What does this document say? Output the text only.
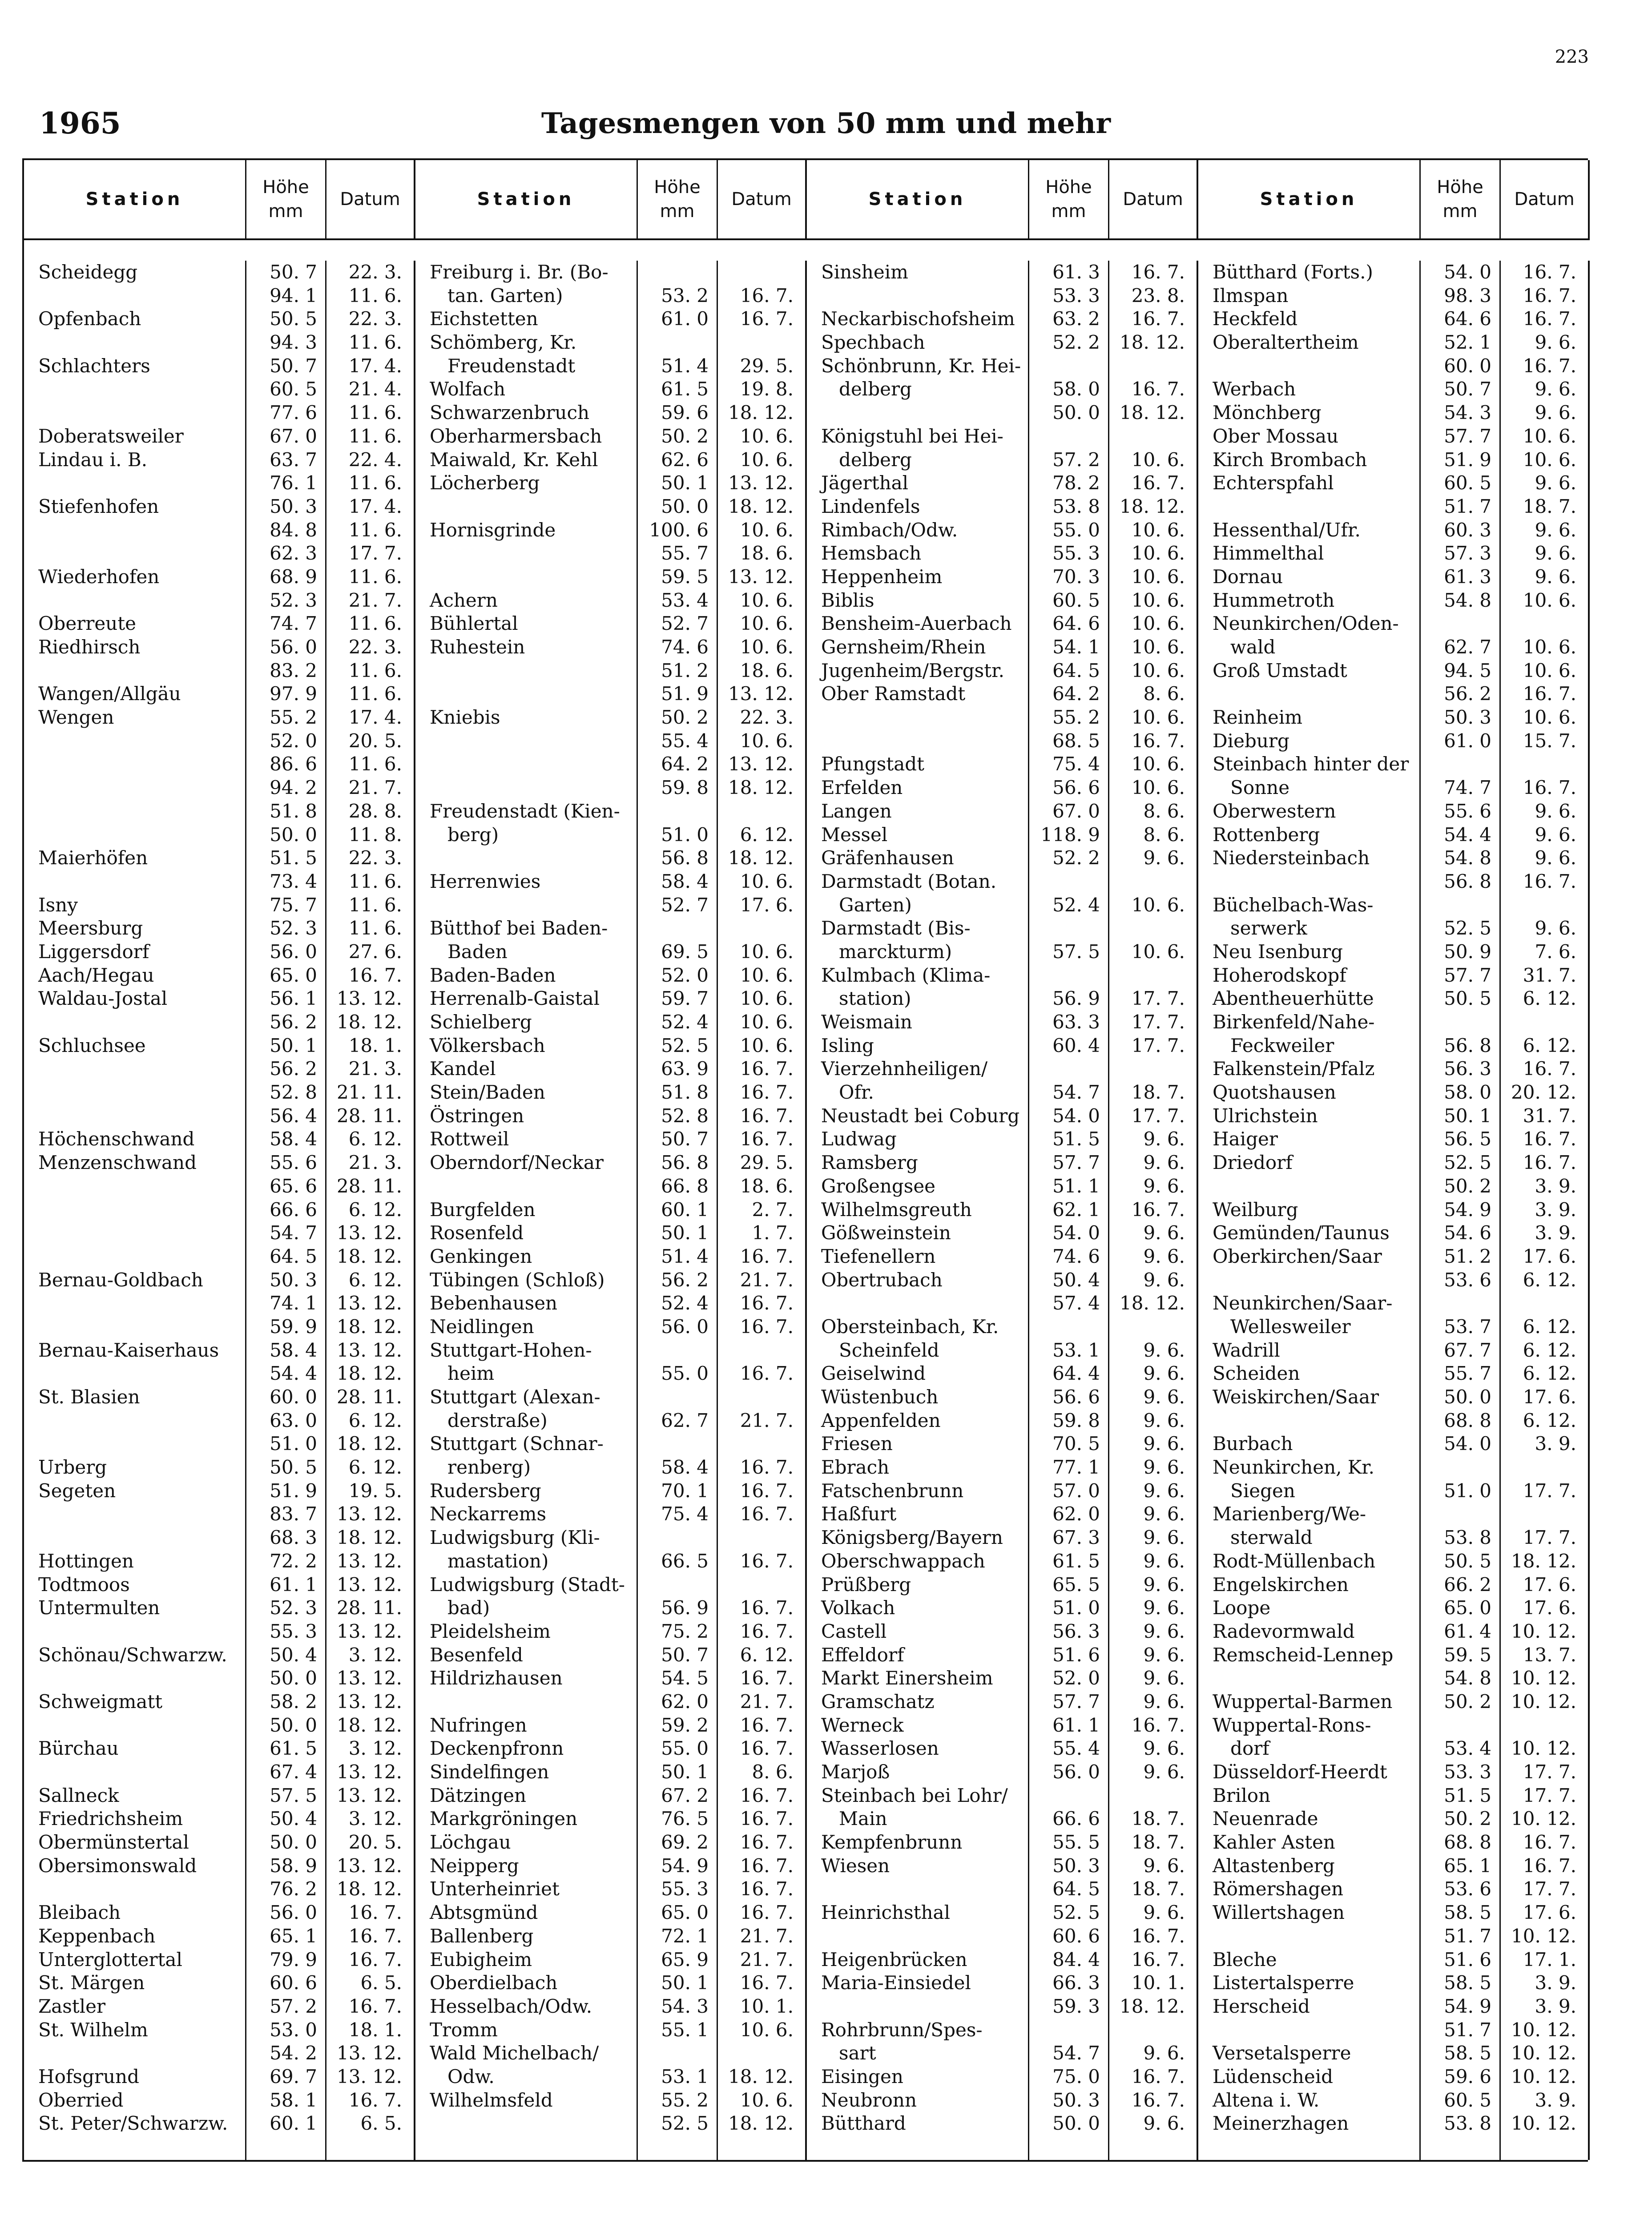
223
1965	Tagesmengen von 50 mm und mehr
Station
Höhe
mm
Datum
Scheidegg
Opfenbach
Schlachters
Doberatsweiler
Lindau i. B.
Stiefenhofen
Wiederhofen
Oberreute
Riedhirsch
Wangen/Allgäu
Wengen
Maierhöfen
Isny
Meersburg
Liggersdorf
Aach/Hegau
Waldau-Jostal
Schluchsee
Höchenschwand
Menzenschwand
Bernau-Goldbach
Bernau-Kaiserhaus
St. Blasien
Urberg
Segeten
Hottingen
Todtmoos
Untermulten
Schönau/Schwarzw.
Schweigmatt
Bürchau
Sallneck
Friedrichsheim
Obermünstertal
Obersimonswald
Bleibach
Keppenbach
Unterglottertal
St. Märgen
Zastler
St. Wilhelm
Hofsgrund
Oberried
St. Peter/Schwarzw.
50. 7
94. 1
50. 5
94. 3
50. 7
60. 5
77. 6
67. 0
63. 7
76. 1
50. 3
84. 8
62. 3
68. 9
52. 3
74. 7
56. 0
83. 2
97. 9
55. 2
52. 0
86. 6
94. 2
51. 8
50. 0
51. 5
73. 4
75. 7
52. 3
56. 0
65. 0
56. 1
56. 2
50. 1
56. 2
52. 8
56. 4
58. 4
55. 6
65. 6
66. 6
54. 7
64. 5
50. 3
74. 1
59. 9
58. 4
54. 4
60. 0
63. 0
51. 0
50. 5
51. 9
83. 7
68. 3
72. 2
61. 1
52. 3
55. 3
50. 4
50. 0
58. 2
50. 0
61. 5
67. 4
57. 5
50. 4
50. 0
58. 9
76. 2
56. 0
65. 1
79. 9
60. 6
57. 2
53. 0
54. 2
69. 7
58. 1
60. 1
22. 3.
11. 6.
22. 3.
11. 6.
17. 4.
21. 4.
11. 6.
11. 6.
22. 4.
11. 6.
17. 4.
11. 6.
17. 7.
11. 6.
21. 7.
11. 6.
22. 3.
11. 6.
11. 6.
17. 4.
20. 5.
11. 6.
21. 7.
28. 8.
11. 8.
22. 3.
11. 6.
11. 6.
11. 6.
27. 6.
16. 7.
13. 12.
18. 12.
18. 1.
21. 3.
21. 11.
28. 11.
6. 12.
21. 3.
28. 11.
6. 12.
13. 12.
18. 12.
6. 12.
13. 12.
18. 12.
13. 12.
18. 12.
28. 11.
6. 12.
18. 12.
6. 12.
19. 5.
13. 12.
18. 12.
13. 12.
13. 12.
28. 11.
13. 12.
3. 12.
13. 12.
13. 12.
18. 12.
3. 12.
13. 12.
13. 12.
3. 12.
20. 5.
13. 12.
18. 12.
16. 7.
16. 7.
16. 7.
6. 5.
16. 7.
18. 1.
13. 12.
13. 12.
16. 7.
6. 5.
Station
Höhe
mm
Datum
Freiburg i. Br. (Bo-
tan. Garten)
Eichstetten
Schömberg, Kr.
Freudenstadt
Wolfach
Schwarzenbruch
Oberharmersbach
Maiwald, Kr. Kehl
Löcherberg
Hornisgrinde
Achern
Bühlertal
Ruhestein
Kniebis
Freudenstadt (Kien-
berg)
Herrenwies
Bütthof bei Baden-
Baden
Baden-Baden
Herrenalb-Gaistal
Schielberg
Völkersbach
Kandel
Stein/Baden
Östringen
Rottweil
Oberndorf/Neckar
Burgfelden
Rosenfeld
Genkingen
Tübingen (Schloß)
Bebenhausen
Neidlingen
Stuttgart-Hohen-
heim
Stuttgart (Alexan-
derstraße)
Stuttgart (Schnar-
renberg)
Rudersberg
Neckarrems
Ludwigsburg (Kli-
mastation)
Ludwigsburg (Stadt-
bad)
Pleidelsheim
Besenfeld
Hildrizhausen
Nufringen
Deckenpfronn
Sindelfingen
Dätzingen
Markgröningen
Löchgau
Neipperg
Unterheinriet
Abtsgmünd
Ballenberg
Eubigheim
Oberdielbach
Hesselbach/Odw.
Tromm
Wald Michelbach/
Odw.
Wilhelmsfeld
53. 2
61. 0
51. 4
61. 5
59. 6
50. 2
62. 6
50. 1
50. 0
100. 6
55. 7
59. 5
53. 4
52. 7
74. 6
51. 2
51. 9
50. 2
55. 4
64. 2
59. 8
51. 0
56. 8
58. 4
52. 7
69. 5
52. 0
59. 7
52. 4
52. 5
63. 9
51. 8
52. 8
50. 7
56. 8
66. 8
60. 1
50. 1
51. 4
56. 2
52. 4
56. 0
55. 0
62. 7
58. 4
70. 1
75. 4
66. 5
56. 9
75. 2
50. 7
54. 5
62. 0
59. 2
55. 0
50. 1
67. 2
76. 5
69. 2
54. 9
55. 3
65. 0
72. 1
65. 9
50. 1
54. 3
55. 1
53. 1
55. 2
52. 5
16. 7.
16. 7.
29. 5.
19. 8.
18. 12.
10. 6.
10. 6.
13. 12.
18. 12.
10. 6.
18. 6.
13. 12.
10. 6.
10. 6.
10. 6.
18. 6.
13. 12.
22. 3.
10. 6.
13. 12.
18. 12.
6. 12.
18. 12.
10. 6.
17. 6.
10. 6.
10. 6.
10. 6.
10. 6.
10. 6.
16. 7.
16. 7.
16. 7.
16. 7.
29. 5.
18. 6.
2. 7.
1. 7.
16. 7.
21. 7.
16. 7.
16. 7.
16. 7.
21. 7.
16. 7.
16. 7.
16. 7.
16. 7.
16. 7.
16. 7.
6. 12.
16. 7.
21. 7.
16. 7.
16. 7.
8. 6.
16. 7.
16. 7.
16. 7.
16. 7.
16. 7.
16. 7.
21. 7.
21. 7.
16. 7.
10. 1.
10. 6.
18. 12.
10. 6.
18. 12.
Station
Höhe
mm
Datum
Sinsheim
Neckarbischofsheim
Spechbach
Schönbrunn, Kr. Hei-
delberg
Königstuhl bei Hei-
delberg
Jägerthal
Lindenfels
Rimbach/Odw.
Hemsbach
Heppenheim
Biblis
Bensheim-Auerbach
Gernsheim/Rhein
Jugenheim/Bergstr.
Ober Ramstadt
Pfungstadt
Erfelden
Langen
Messel
Gräfenhausen
Darmstadt (Botan.
Garten)
Darmstadt (Bis-
marckturm)
Kulmbach (Klima-
station)
Weismain
Isling
Vierzehnheiligen/
Ofr.
Neustadt bei Coburg
Ludwag
Ramsberg
Großengsee
Wilhelmsgreuth
Gößweinstein
Tiefenellern
Obertrubach
Obersteinbach, Kr.
Scheinfeld
Geiselwind
Wüstenbuch
Appenfelden
Friesen
Ebrach
Fatschenbrunn
Haßfurt
Königsberg/Bayern
Oberschwappach
Prüßberg
Volkach
Castell
Effeldorf
Markt Einersheim
Gramschatz
Werneck
Wasserlosen
Marjoß
Steinbach bei Lohr/
Main
Kempfenbrunn
Wiesen
Heinrichsthal
Heigenbrücken
Maria-Einsiedel
Rohrbrunn/Spes-
sart
Eisingen
Neubronn
Bütthard
61. 3
53. 3
63. 2
52. 2
58. 0
50. 0
57. 2
78. 2
53. 8
55. 0
55. 3
70. 3
60. 5
64. 6
54. 1
64. 5
64. 2
55. 2
68. 5
75. 4
56. 6
67. 0
118. 9
52. 2
52. 4
57. 5
56. 9
63. 3
60. 4
54. 7
54. 0
51. 5
57. 7
51. 1
62. 1
54. 0
74. 6
50. 4
57. 4
53. 1
64. 4
56. 6
59. 8
70. 5
77. 1
57. 0
62. 0
67. 3
61. 5
65. 5
51. 0
56. 3
51. 6
52. 0
57. 7
61. 1
55. 4
56. 0
66. 6
55. 5
50. 3
64. 5
52. 5
60. 6
84. 4
66. 3
59. 3
54. 7
75. 0
50. 3
50. 0
16. 7.
23. 8.
16. 7.
18. 12.
16. 7.
18. 12.
10. 6.
16. 7.
18. 12.
10. 6.
10. 6.
10. 6.
10. 6.
10. 6.
10. 6.
10. 6.
8. 6.
10. 6.
16. 7.
10. 6.
10. 6.
8. 6.
8. 6.
9. 6.
10. 6.
10. 6.
17. 7.
17. 7.
17. 7.
18. 7.
17. 7.
9. 6.
9. 6.
9. 6.
16. 7.
9. 6.
9. 6.
9. 6.
18. 12.
9. 6.
9. 6.
9. 6.
9. 6.
9. 6.
9. 6.
9. 6.
9. 6.
9. 6.
9. 6.
9. 6.
9. 6.
9. 6.
9. 6.
9. 6.
9. 6.
16. 7.
9. 6.
9. 6.
18. 7.
18. 7.
9. 6.
18. 7.
9. 6.
16. 7.
16. 7.
10. 1.
18. 12.
9. 6.
16. 7.
16. 7.
9. 6.
Station
Höhe
mm
Datum
Bütthard (Forts.)
Ilmspan
Heckfeld
Oberaltertheim
Werbach
Mönchberg
Ober Mossau
Kirch Brombach
Echterspfahl
Hessenthal/Ufr.
Himmelthal
Dornau
Hummetroth
Neunkirchen/Oden-
wald
Groß Umstadt
Reinheim
Dieburg
Steinbach hinter der
Sonne
Oberwestern
Rottenberg
Niedersteinbach
Büchelbach-Was-
serwerk
Neu Isenburg
Hoherodskopf
Abentheuerhütte
Birkenfeld/Nahe-
Feckweiler
Falkenstein/Pfalz
Quotshausen
Ulrichstein
Haiger
Driedorf
Weilburg
Gemünden/Taunus
Oberkirchen/Saar
Neunkirchen/Saar-
Wellesweiler
Wadrill
Scheiden
Weiskirchen/Saar
Burbach
Neunkirchen, Kr.
Siegen
Marienberg/We-
sterwald
Rodt-Müllenbach
Engelskirchen
Loope
Radevormwald
Remscheid-Lennep
Wuppertal-Barmen
Wuppertal-Rons-
dorf
Düsseldorf-Heerdt
Brilon
Neuenrade
Kahler Asten
Altastenberg
Römershagen
Willertshagen
Bleche
Listertalsperre
Herscheid
Versetalsperre
Lüdenscheid
Altena i. W.
Meinerzhagen
54. 0
98. 3
64. 6
52. 1
60. 0
50. 7
54. 3
57. 7
51. 9
60. 5
51. 7
60. 3
57. 3
61. 3
54. 8
62. 7
94. 5
56. 2
50. 3
61. 0
74. 7
55. 6
54. 4
54. 8
56. 8
52. 5
50. 9
57. 7
50. 5
56. 8
56. 3
58. 0
50. 1
56. 5
52. 5
50. 2
54. 9
54. 6
51. 2
53. 6
53. 7
67. 7
55. 7
50. 0
68. 8
54. 0
51. 0
53. 8
50. 5
66. 2
65. 0
61. 4
59. 5
54. 8
50. 2
53. 4
53. 3
51. 5
50. 2
68. 8
65. 1
53. 6
58. 5
51. 7
51. 6
58. 5
54. 9
51. 7
58. 5
59. 6
60. 5
53. 8
16. 7.
16. 7.
16. 7.
9. 6.
16. 7.
9. 6.
9. 6.
10. 6.
10. 6.
9. 6.
18. 7.
9. 6.
9. 6.
9. 6.
10. 6.
10. 6.
10. 6.
16. 7.
10. 6.
15. 7.
16. 7.
9. 6.
9. 6.
9. 6.
16. 7.
9. 6.
7. 6.
31. 7.
6. 12.
6. 12.
16. 7.
20. 12.
31. 7.
16. 7.
16. 7.
3. 9.
3. 9.
3. 9.
17. 6.
6. 12.
6. 12.
6. 12.
6. 12.
17. 6.
6. 12.
3. 9.
17. 7.
17. 7.
18. 12.
17. 6.
17. 6.
10. 12.
13. 7.
10. 12.
10. 12.
10. 12.
17. 7.
17. 7.
10. 12.
16. 7.
16. 7.
17. 7.
17. 6.
10. 12.
17. 1.
3. 9.
3. 9.
10. 12.
10. 12.
10. 12.
3. 9.
10. 12.
